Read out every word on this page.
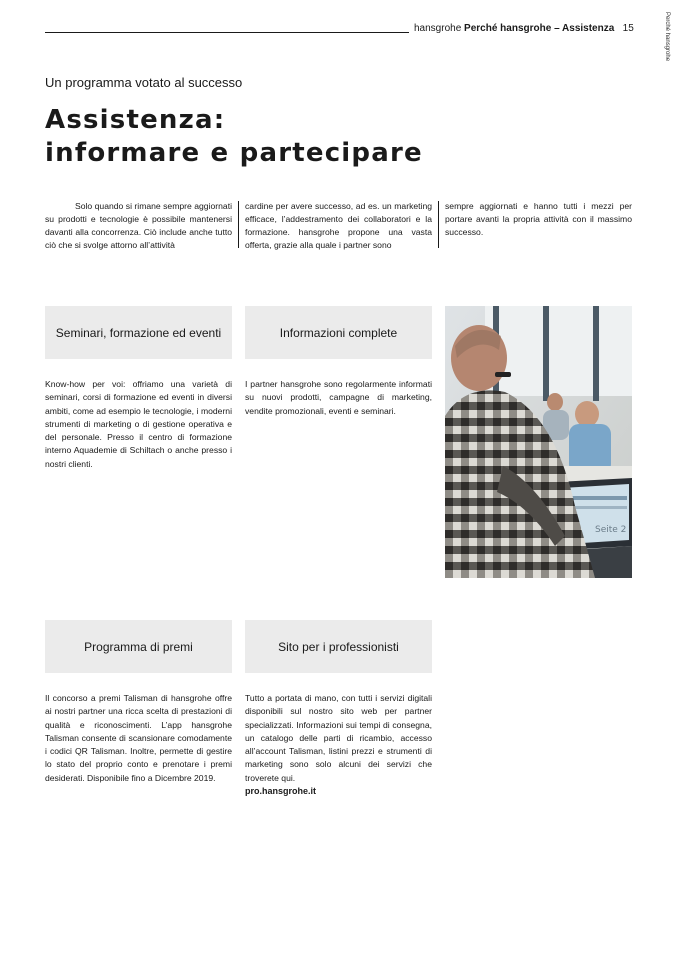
hansgrohe Perché hansgrohe – Assistenza 15	Perché hansgrohe
Un programma votato al successo
Assistenza:
informare e partecipare
Solo quando si rimane sempre aggiornati su prodotti e tecnologie è possibile mantenersi davanti alla concorrenza. Ciò include anche tutto ciò che si svolge attorno all’attività
cardine per avere successo, ad es. un marketing efficace, l’addestramento dei collaboratori e la formazione. hansgrohe propone una vasta offerta, grazie alla quale i partner sono
sempre aggiornati e hanno tutti i mezzi per portare avanti la propria attività con il massimo successo.
Seminari, formazione ed eventi	Informazioni complete
Programma di premi	Sito per i professionisti
Know-how per voi: offriamo una varietà di seminari, corsi di formazione ed eventi in diversi ambiti, come ad esempio le tecnologie, i moderni strumenti di marketing o di gestione operativa e del personale. Presso il centro di formazione interno Aquademie di Schiltach o anche presso i nostri clienti.
I partner hansgrohe sono regolarmente informati su nuovi prodotti, campagne di marketing, vendite promozionali, eventi e seminari.
Il concorso a premi Talisman di hansgrohe offre ai nostri partner una ricca scelta di prestazioni di qualità e riconoscimenti. L’app hansgrohe Talisman consente di scansionare comodamente i codici QR Talisman. Inoltre, permette di gestire lo stato del proprio conto e prenotare i premi desiderati. Disponibile fino a Dicembre 2019.
Tutto a portata di mano, con tutti i servizi digitali disponibili sul nostro sito web per partner specializzati. Informazioni sui tempi di consegna, un catalogo delle parti di ricambio, accesso all’account Talisman, listini prezzi e strumenti di marketing sono solo alcuni dei servizi che troverete qui.
pro.hansgrohe.it
Seite 2
